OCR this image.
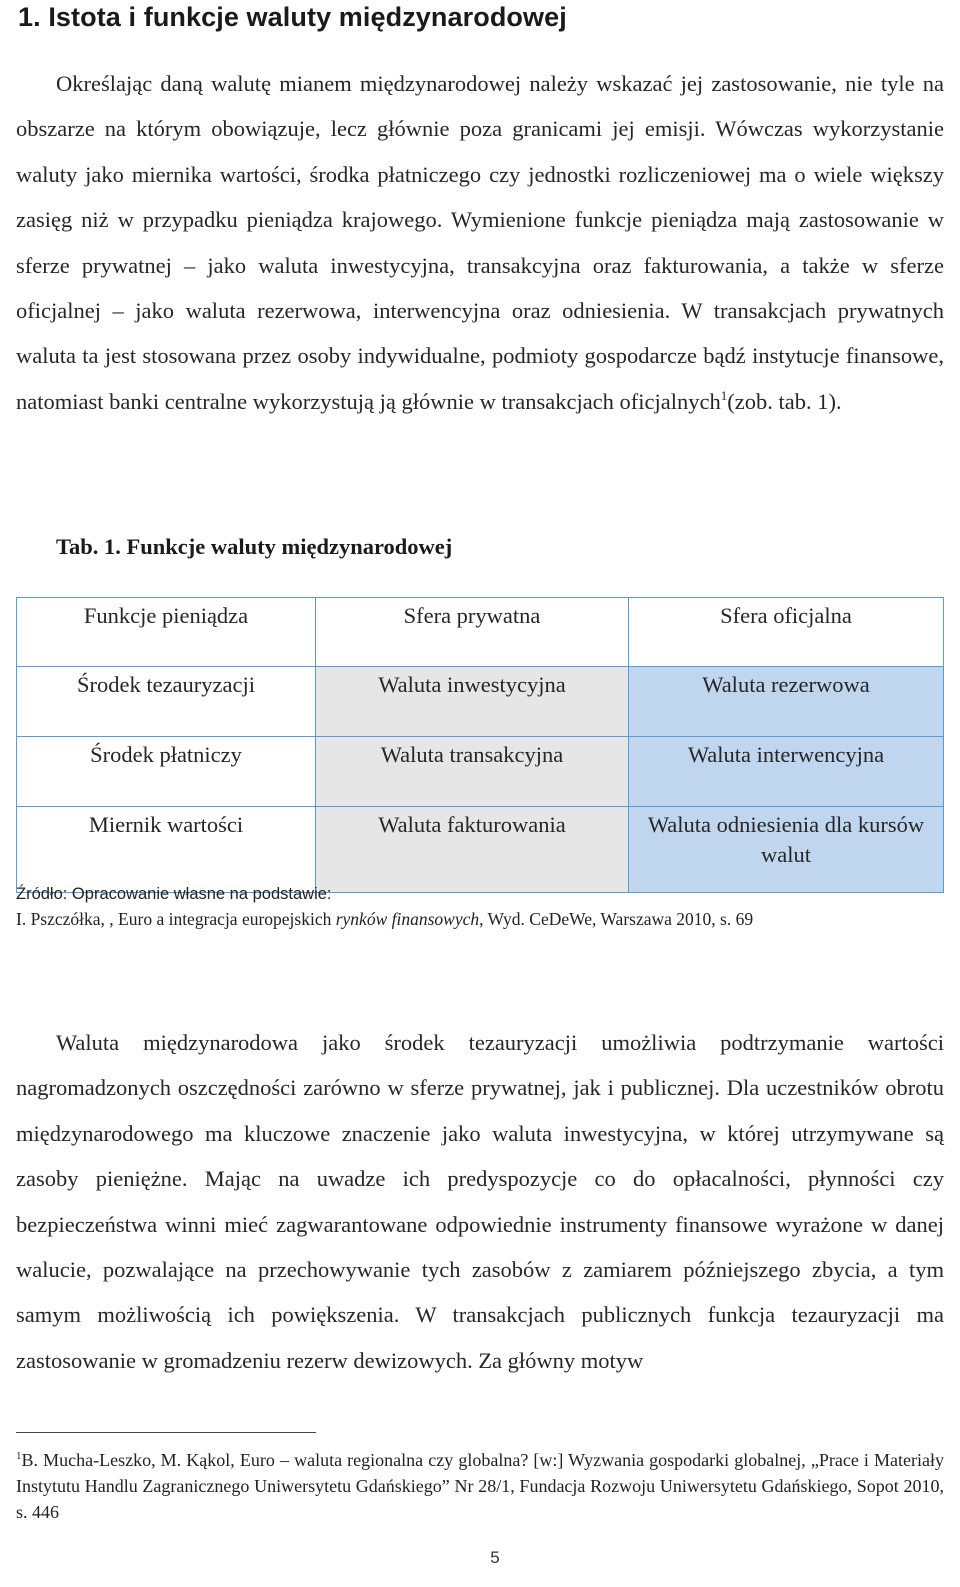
1. Istota i funkcje waluty międzynarodowej

Określając daną walutę mianem międzynarodowej należy wskazać jej zastosowanie, nie tyle na obszarze na którym obowiązuje, lecz głównie poza granicami jej emisji. Wówczas wykorzystanie waluty jako miernika wartości, środka płatniczego czy jednostki rozliczeniowej ma o wiele większy zasięg niż w przypadku pieniądza krajowego. Wymienione funkcje pieniądza mają zastosowanie w sferze prywatnej – jako waluta inwestycyjna, transakcyjna oraz fakturowania, a także w sferze oficjalnej – jako waluta rezerwowa, interwencyjna oraz odniesienia. W transakcjach prywatnych waluta ta jest stosowana przez osoby indywidualne, podmioty gospodarcze bądź instytucje finansowe, natomiast banki centralne wykorzystują ją głównie w transakcjach oficjalnych$^1$(zob. tab. 1).

Tab. 1. Funkcje waluty międzynarodowej

Funkcje pieniądza	Sfera prywatna	Sfera oficjalna
Środek tezauryzacji	Waluta inwestycyjna	Waluta rezerwowa
Środek płatniczy	Waluta transakcyjna	Waluta interwencyjna
Miernik wartości	Waluta fakturowania	Waluta odniesienia dla kursów walut
Źródło: Opracowanie własne na podstawie:
I. Pszczółka, , Euro a integracja europejskich rynków finansowych, Wyd. CeDeWe, Warszawa 2010, s. 69

Waluta międzynarodowa jako środek tezauryzacji umożliwia podtrzymanie wartości nagromadzonych oszczędności zarówno w sferze prywatnej, jak i publicznej. Dla uczestników obrotu międzynarodowego ma kluczowe znaczenie jako waluta inwestycyjna, w której utrzymywane są zasoby pieniężne. Mając na uwadze ich predyspozycje co do opłacalności, płynności czy bezpieczeństwa winni mieć zagwarantowane odpowiednie instrumenty finansowe wyrażone w danej walucie, pozwalające na przechowywanie tych zasobów z zamiarem późniejszego zbycia, a tym samym możliwością ich powiększenia. W transakcjach publicznych funkcja tezauryzacji ma zastosowanie w gromadzeniu rezerw dewizowych. Za główny motyw

$^1$B. Mucha-Leszko, M. Kąkol, Euro – waluta regionalna czy globalna? [w:] Wyzwania gospodarki globalnej, „Prace i Materiały Instytutu Handlu Zagranicznego Uniwersytetu Gdańskiego” Nr 28/1, Fundacja Rozwoju Uniwersytetu Gdańskiego, Sopot 2010, s. 446

5
